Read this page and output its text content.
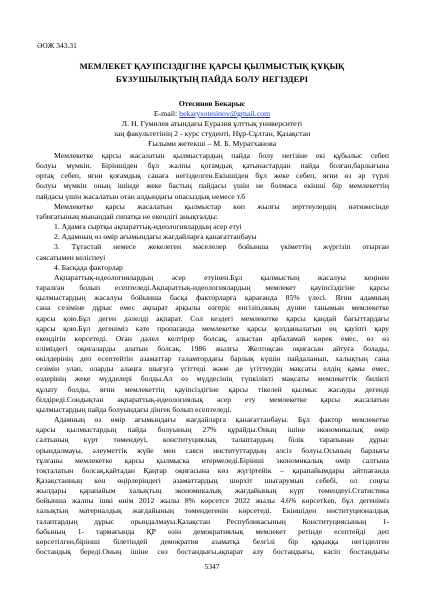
ӘОЖ 343.31
МЕМЛЕКЕТ ҚАУІПСІЗДІГІНЕ ҚАРСЫ ҚЫЛМЫСТЫҚ ҚҰҚЫҚ
БҰЗУШЫЛЫҚТЫҢ ПАЙДА БОЛУ НЕГІЗДЕРІ
Отесинов Бекарыс
E-mail: bekarysotesinov@gmail.com
Л. Н. Гумилев атындағы Еуразия ұлттық университеті
заң факультетінің 2 - курс студенті, Нұр-Сұлтан, Қазақстан
Ғылыми жетекші – М. Б. Муратханова
Мемлекетке қарсы жасалатын қылмыстардың пайда болу негізіне екі құбылыс себеп
болуы мүмкін. Біріншіден бұл жалпы қоғамдық қатынастардан пайда болған,барлығына
ортақ себеп, яғни қоғамдық санаға негізделген.Екіншіден бұл жеке себеп, яғни өз әр түрлі
болуы мүмкін оның ішінде жеке бастың пайдасы үшін не болмаса екінші бір мемлекеттің
пайдасы үшін жасалатын отан алдындағы опасыздық немесе т.б
Мемлекетке қарсы жасалатын қылмыстар көп жылғы зерттеулердің нәтижесінде
табиғатының мынандай сипатқа не екендігі анықталды:
1. Адамға сыртқы ақпараттық-идеологиялардың әсер етуі
2. Адамның өз өмір ағымындағы жағдайларға қанағаттанбауы
3. Тұтастай немесе жекелеген мәселелер бойынша үкіметтің жүргізіп отырған
саясатымен келіспеуі
4. Басқада факторлар
Ақпараттық-идеологиялардың әсер етуінен.Бұл қылмыстың жасалуы кеңінен
таралған болып есептеледі.Ақпараттық-идеологиялардың мемлекет қауіпсіздігіне қарсы
қылмыстардың жасалуы бойынша басқа факторларға қарағанда 85% үлесі. Яғни адамның
сана сезіміне дұрыс емес ақпарат арқылы өзгеріс енгізіп,оның дүние танымын мемлекетке
қарсы қою.Бұл деген дәлелді ақпарат. Сол кездегі мемлекетке қарсы қандай бағыттардағы
қарсы қою.Бұл дегеніміз кәте пропаганда мемлекетке қарсы қолданылатын ең қауіпті қару
екендігін көрсетеді. Оған дәлел келтірер болсақ, алыстан арбаламай көрек емес, өз өз
еліміздегі оқиғаларды алатын болсақ. 1986 жылғы Желтоқсан оқиғасын айтуға болады,
өкілдерінің деп есептейтін азаматтар ғаламтордағы барлық күшін пайдаланып, халықтың сана
сезімін улап, оларды алаңға шығуға үгіттеді және де үгіттеудің мақсаты елдің қамы емес,
өздерінің жеке мүдделері болды.Ал өз мүддесінің түпкілікті мақсаты мемлекеттік билікті
құлату болды, яғни мемлекеттің қауіпсіздігіне қарсы тікелей қылмыс жасауды дегенді
білдіреді.Сондықтан ақпараттық-идеологиялық әсер ету мемлекетке қарсы жасалатын
қылмыстардың пайда болуындағы дінгек болып есептеледі.
Адамның өз өмір ағымындағы жағдайларға қанағаттанбауы. Бұл фактор мемлекетке
қарсы қылмыстардың пайда болуының 27% құрайды.Оның ішіне экономикалық өмір
салтының күрт төмендеуі, конституциялық талаптардың білік тарапынан дұрыс
орындалмауы, әлеуметтік жүйе мен саяси институттардың әлсіз болуы.Осының барлығы
тұлғаны мемлекетке қарсы қылмыска итермеледі.Бірінші экономикалық өмір салтына
тоқталатын болсақ,қайтадан Қаңтар оқиғасына көз жүгіртейік – қарапайымдары айтпағанда
Қазақстанның кен өңірлеріндегі азаматтардың шөрхіт шығарумын себебі, ол соңғы
жылдары қарапайым халықтың экономикалық жағдайының күрт төмендеуі.Статистика
бойынша жалпы ішкі өнім 2012 жылы 8% көрсетсе 2022 жылы 4.6% көрсетken, бұл дегеніміз
халықтың материалдық жағдайының төмендегенін көрсетеді. Екіншіден институционалдық
талаптардың дұрыс орындалмауы.Қазақстан Республикасының Конституциясының 1-
бабының 1- тармағында ҚР өзін демократиялық мемлекет ретінде есептейді деп
көрсетілген,бірінші білетіндей демократия азаматқа белгілі бір құқыққа негізделген
бостандық береді.Оның ішіне сөз бостандығы,ақпарат алу бостандығы, кәсіп бостандығы
5347
